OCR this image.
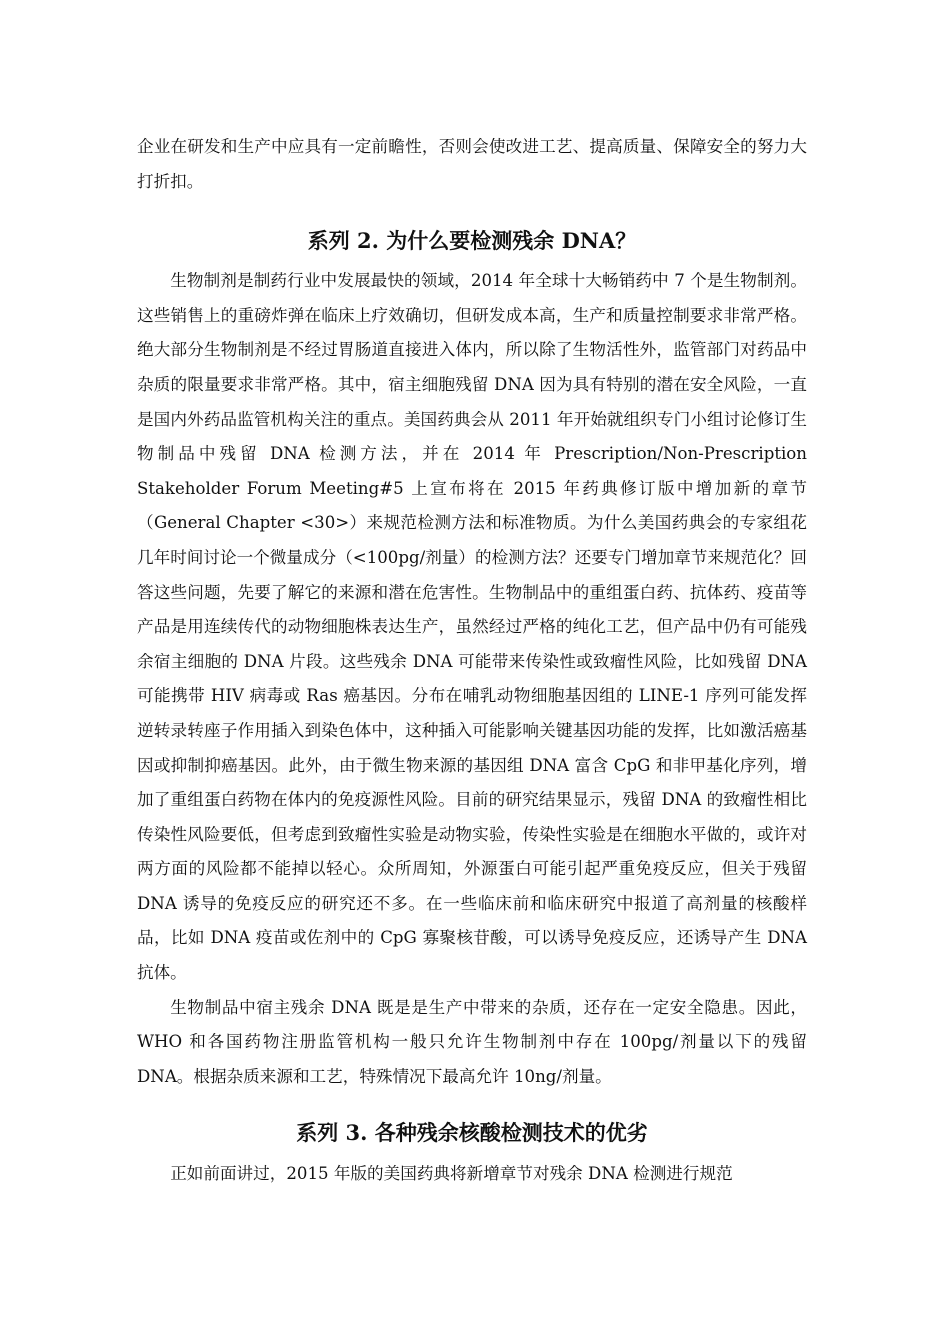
企业在研发和生产中应具有一定前瞻性，否则会使改进工艺、提高质量、保障安全的努力大打折扣。

系列 2. 为什么要检测残余 DNA？

生物制剂是制药行业中发展最快的领域，2014 年全球十大畅销药中 7 个是生物制剂。这些销售上的重磅炸弹在临床上疗效确切，但研发成本高，生产和质量控制要求非常严格。绝大部分生物制剂是不经过胃肠道直接进入体内，所以除了生物活性外，监管部门对药品中杂质的限量要求非常严格。其中，宿主细胞残留 DNA 因为具有特别的潜在安全风险，一直是国内外药品监管机构关注的重点。美国药典会从 2011 年开始就组织专门小组讨论修订生物制品中残留 DNA 检测方法，并在 2014 年 Prescription/Non-Prescription Stakeholder Forum Meeting#5 上宣布将在 2015 年药典修订版中增加新的章节（General Chapter <30>）来规范检测方法和标准物质。为什么美国药典会的专家组花几年时间讨论一个微量成分（<100pg/剂量）的检测方法？还要专门增加章节来规范化？回答这些问题，先要了解它的来源和潜在危害性。生物制品中的重组蛋白药、抗体药、疫苗等产品是用连续传代的动物细胞株表达生产，虽然经过严格的纯化工艺，但产品中仍有可能残余宿主细胞的 DNA 片段。这些残余 DNA 可能带来传染性或致瘤性风险，比如残留 DNA 可能携带 HIV 病毒或 Ras 癌基因。分布在哺乳动物细胞基因组的 LINE-1 序列可能发挥逆转录转座子作用插入到染色体中，这种插入可能影响关键基因功能的发挥，比如激活癌基因或抑制抑癌基因。此外，由于微生物来源的基因组 DNA 富含 CpG 和非甲基化序列，增加了重组蛋白药物在体内的免疫源性风险。目前的研究结果显示，残留 DNA 的致瘤性相比传染性风险要低，但考虑到致瘤性实验是动物实验，传染性实验是在细胞水平做的，或许对两方面的风险都不能掉以轻心。众所周知，外源蛋白可能引起严重免疫反应，但关于残留 DNA 诱导的免疫反应的研究还不多。在一些临床前和临床研究中报道了高剂量的核酸样品，比如 DNA 疫苗或佐剂中的 CpG 寡聚核苷酸，可以诱导免疫反应，还诱导产生 DNA 抗体。

生物制品中宿主残余 DNA 既是是生产中带来的杂质，还存在一定安全隐患。因此，WHO 和各国药物注册监管机构一般只允许生物制剂中存在 100pg/剂量以下的残留 DNA。根据杂质来源和工艺，特殊情况下最高允许 10ng/剂量。

系列 3. 各种残余核酸检测技术的优劣

正如前面讲过，2015 年版的美国药典将新增章节对残余 DNA 检测进行规范
